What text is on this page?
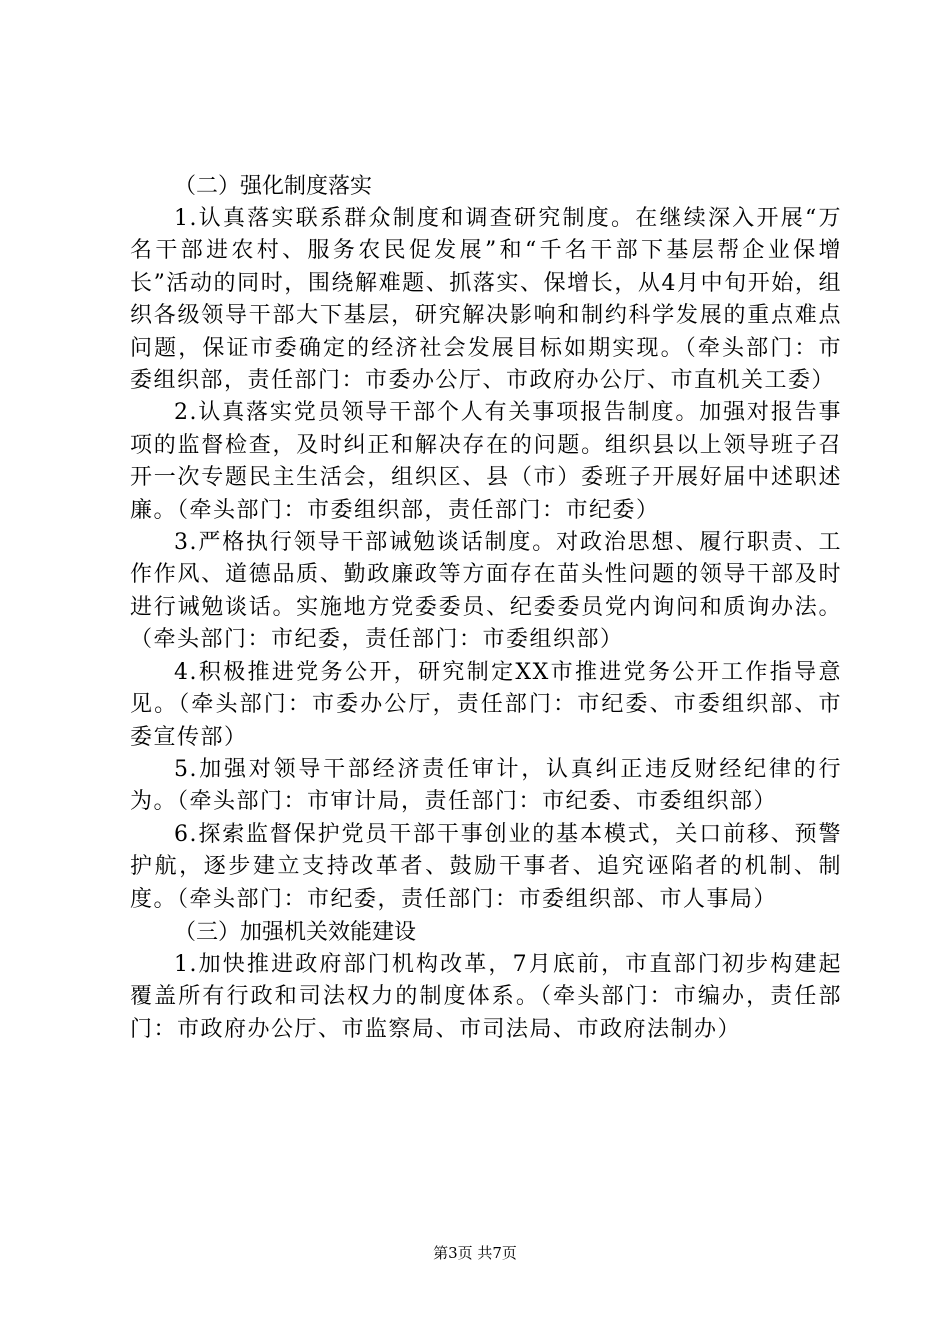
（二）强化制度落实

1.认真落实联系群众制度和调查研究制度。在继续深入开展“万名干部进农村、服务农民促发展”和“千名干部下基层帮企业保增长”活动的同时，围绕解难题、抓落实、保增长，从4月中旬开始，组织各级领导干部大下基层，研究解决影响和制约科学发展的重点难点问题，保证市委确定的经济社会发展目标如期实现。（牵头部门：市委组织部，责任部门：市委办公厅、市政府办公厅、市直机关工委）

2.认真落实党员领导干部个人有关事项报告制度。加强对报告事项的监督检查，及时纠正和解决存在的问题。组织县以上领导班子召开一次专题民主生活会，组织区、县（市）委班子开展好届中述职述廉。（牵头部门：市委组织部，责任部门：市纪委）

3.严格执行领导干部诫勉谈话制度。对政治思想、履行职责、工作作风、道德品质、勤政廉政等方面存在苗头性问题的领导干部及时进行诫勉谈话。实施地方党委委员、纪委委员党内询问和质询办法。（牵头部门：市纪委，责任部门：市委组织部）

4.积极推进党务公开，研究制定XX市推进党务公开工作指导意见。（牵头部门：市委办公厅，责任部门：市纪委、市委组织部、市委宣传部）

5.加强对领导干部经济责任审计，认真纠正违反财经纪律的行为。（牵头部门：市审计局，责任部门：市纪委、市委组织部）

6.探索监督保护党员干部干事创业的基本模式，关口前移、预警护航，逐步建立支持改革者、鼓励干事者、追究诬陷者的机制、制度。（牵头部门：市纪委，责任部门：市委组织部、市人事局）

（三）加强机关效能建设

1.加快推进政府部门机构改革，7月底前，市直部门初步构建起覆盖所有行政和司法权力的制度体系。（牵头部门：市编办，责任部门：市政府办公厅、市监察局、市司法局、市政府法制办）

第3页 共7页
